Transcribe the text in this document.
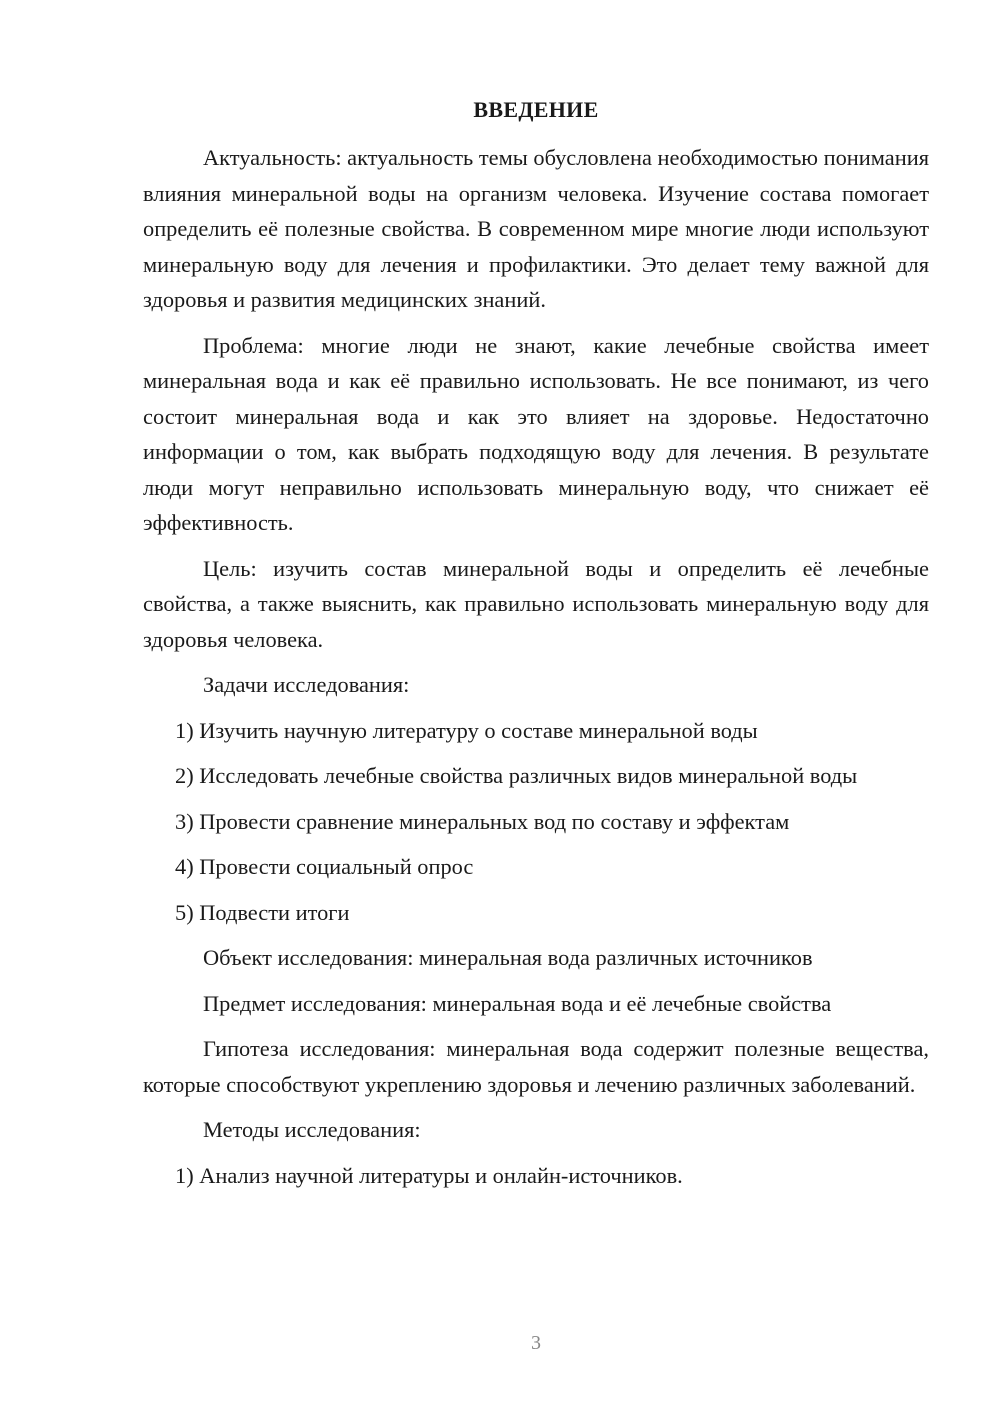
ВВЕДЕНИЕ

Актуальность: актуальность темы обусловлена необходимостью понимания влияния минеральной воды на организм человека. Изучение состава помогает определить её полезные свойства. В современном мире многие люди используют минеральную воду для лечения и профилактики. Это делает тему важной для здоровья и развития медицинских знаний.

Проблема: многие люди не знают, какие лечебные свойства имеет минеральная вода и как её правильно использовать. Не все понимают, из чего состоит минеральная вода и как это влияет на здоровье. Недостаточно информации о том, как выбрать подходящую воду для лечения. В результате люди могут неправильно использовать минеральную воду, что снижает её эффективность.

Цель: изучить состав минеральной воды и определить её лечебные свойства, а также выяснить, как правильно использовать минеральную воду для здоровья человека.

Задачи исследования:

1) Изучить научную литературу о составе минеральной воды

2) Исследовать лечебные свойства различных видов минеральной воды

3) Провести сравнение минеральных вод по составу и эффектам

4) Провести социальный опрос

5) Подвести итоги

Объект исследования: минеральная вода различных источников

Предмет исследования: минеральная вода и её лечебные свойства

Гипотеза исследования: минеральная вода содержит полезные вещества, которые способствуют укреплению здоровья и лечению различных заболеваний.

Методы исследования:

1) Анализ научной литературы и онлайн-источников.

3
